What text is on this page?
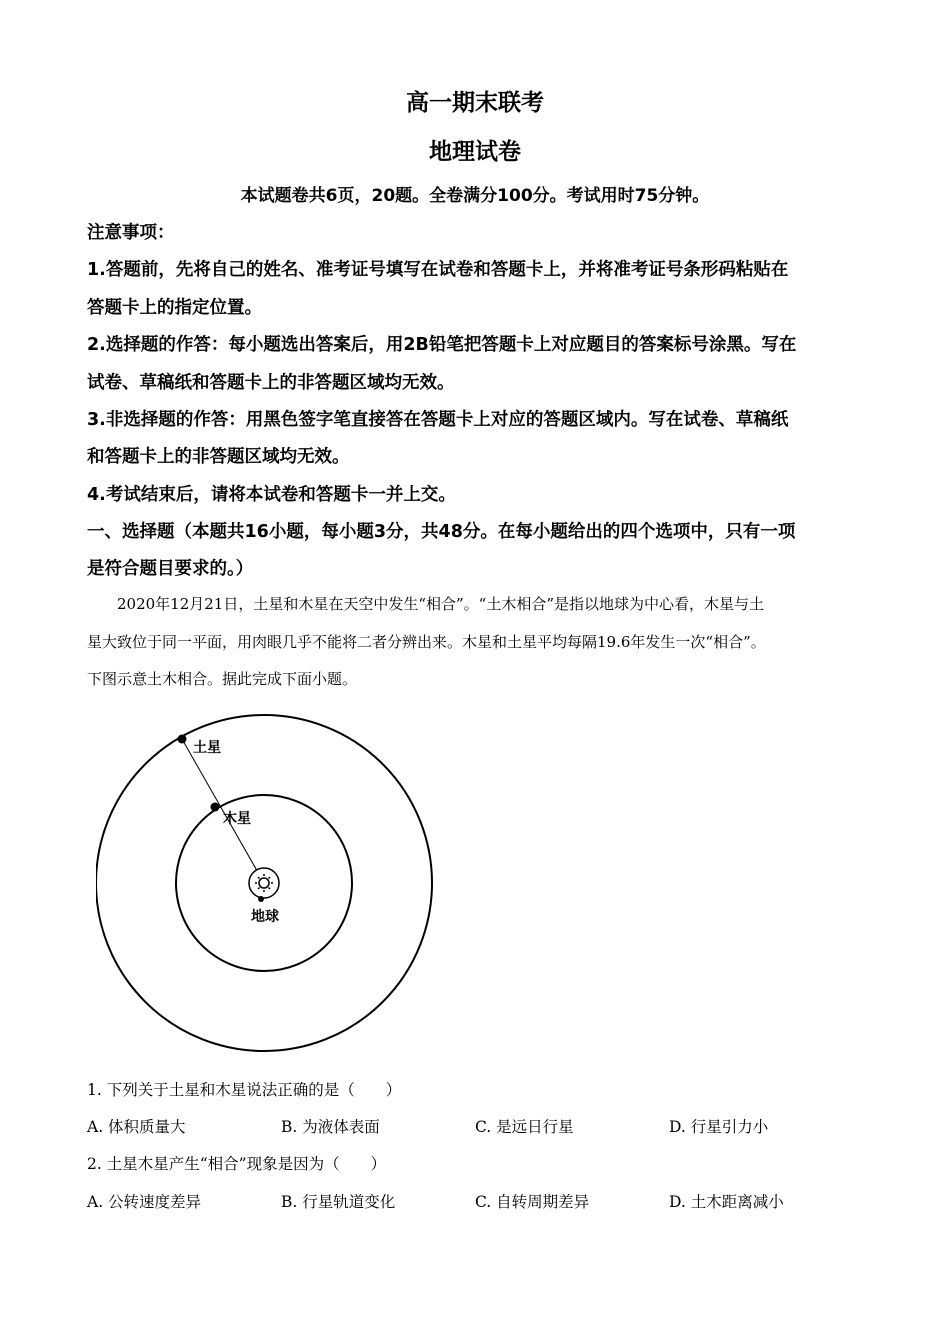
高一期末联考
地理试卷
本试题卷共6页，20题。全卷满分100分。考试用时75分钟。
注意事项：
1.答题前，先将自己的姓名、准考证号填写在试卷和答题卡上，并将准考证号条形码粘贴在
答题卡上的指定位置。
2.选择题的作答：每小题选出答案后，用2B铅笔把答题卡上对应题目的答案标号涂黑。写在
试卷、草稿纸和答题卡上的非答题区域均无效。
3.非选择题的作答：用黑色签字笔直接答在答题卡上对应的答题区域内。写在试卷、草稿纸
和答题卡上的非答题区域均无效。
4.考试结束后，请将本试卷和答题卡一并上交。
一、选择题（本题共16小题，每小题3分，共48分。在每小题给出的四个选项中，只有一项
是符合题目要求的。）
　　2020年12月21日，土星和木星在天空中发生“相合”。“土木相合”是指以地球为中心看，木星与土
星大致位于同一平面，用肉眼几乎不能将二者分辨出来。木星和土星平均每隔19.6年发生一次“相合”。
下图示意土木相合。据此完成下面小题。
土星
木星
地球
1. 下列关于土星和木星说法正确的是（　　）
A. 体积质量大	B. 为液体表面	C. 是远日行星	D. 行星引力小
2. 土星木星产生“相合”现象是因为（　　）
A. 公转速度差异	B. 行星轨道变化	C. 自转周期差异	D. 土木距离减小
